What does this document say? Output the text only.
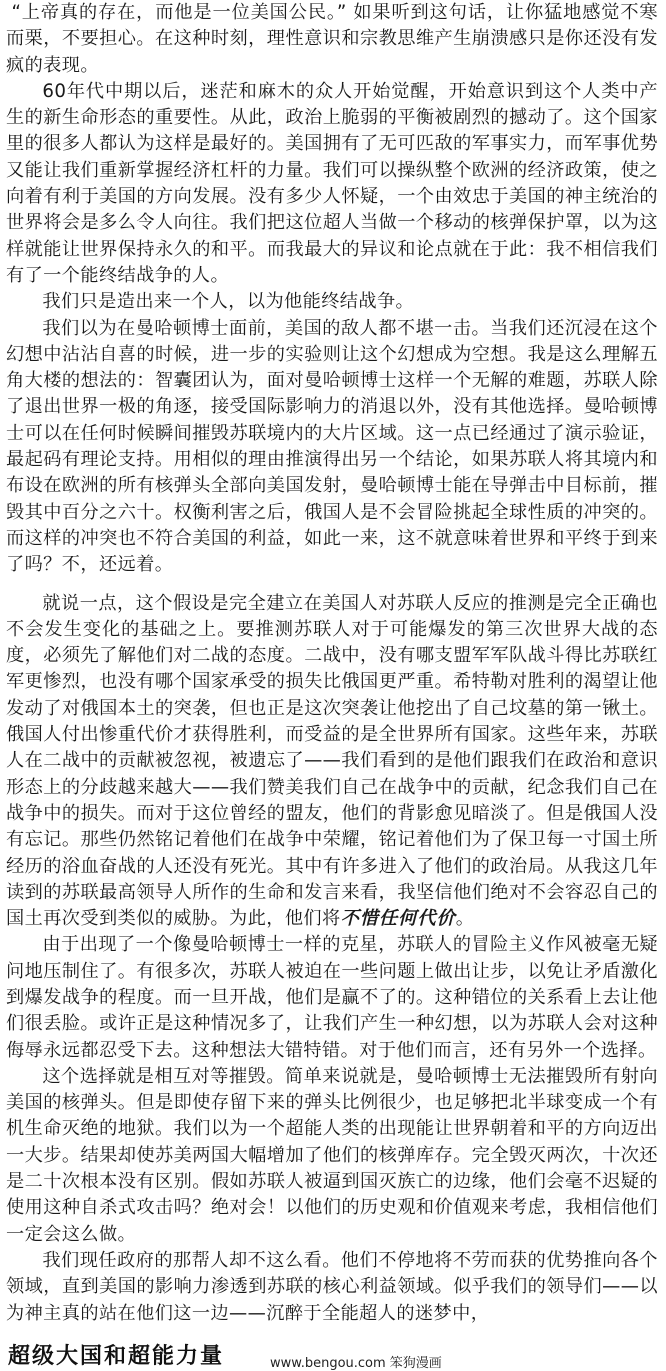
“上帝真的存在，而他是一位美国公民。” 如果听到这句话，让你猛地感觉不寒而栗，不要担心。在这种时刻，理性意识和宗教思维产生崩溃感只是你还没有发疯的表现。

60年代中期以后，迷茫和麻木的众人开始觉醒，开始意识到这个人类中产生的新生命形态的重要性。从此，政治上脆弱的平衡被剧烈的撼动了。这个国家里的很多人都认为这样是最好的。美国拥有了无可匹敌的军事实力，而军事优势又能让我们重新掌握经济杠杆的力量。我们可以操纵整个欧洲的经济政策，使之向着有利于美国的方向发展。没有多少人怀疑，一个由效忠于美国的神主统治的世界将会是多么令人向往。我们把这位超人当做一个移动的核弹保护罩，以为这样就能让世界保持永久的和平。而我最大的异议和论点就在于此：我不相信我们有了一个能终结战争的人。

我们只是造出来一个人，以为他能终结战争。

我们以为在曼哈顿博士面前，美国的敌人都不堪一击。当我们还沉浸在这个幻想中沾沾自喜的时候，进一步的实验则让这个幻想成为空想。我是这么理解五角大楼的想法的：智囊团认为，面对曼哈顿博士这样一个无解的难题，苏联人除了退出世界一极的角逐，接受国际影响力的消退以外，没有其他选择。曼哈顿博士可以在任何时候瞬间摧毁苏联境内的大片区域。这一点已经通过了演示验证，最起码有理论支持。用相似的理由推演得出另一个结论，如果苏联人将其境内和布设在欧洲的所有核弹头全部向美国发射，曼哈顿博士能在导弹击中目标前，摧毁其中百分之六十。权衡利害之后，俄国人是不会冒险挑起全球性质的冲突的。而这样的冲突也不符合美国的利益，如此一来，这不就意味着世界和平终于到来了吗？不，还远着。

就说一点，这个假设是完全建立在美国人对苏联人反应的推测是完全正确也不会发生变化的基础之上。要推测苏联人对于可能爆发的第三次世界大战的态度，必须先了解他们对二战的态度。二战中，没有哪支盟军军队战斗得比苏联红军更惨烈，也没有哪个国家承受的损失比俄国更严重。希特勒对胜利的渴望让他发动了对俄国本土的突袭，但也正是这次突袭让他挖出了自己坟墓的第一锹土。俄国人付出惨重代价才获得胜利，而受益的是全世界所有国家。这些年来，苏联人在二战中的贡献被忽视，被遗忘了——我们看到的是他们跟我们在政治和意识形态上的分歧越来越大——我们赞美我们自己在战争中的贡献，纪念我们自己在战争中的损失。而对于这位曾经的盟友，他们的背影愈见暗淡了。但是俄国人没有忘记。那些仍然铭记着他们在战争中荣耀，铭记着他们为了保卫每一寸国土所经历的浴血奋战的人还没有死光。其中有许多进入了他们的政治局。从我这几年读到的苏联最高领导人所作的生命和发言来看，我坚信他们绝对不会容忍自己的国土再次受到类似的威胁。为此，他们将不惜任何代价。

由于出现了一个像曼哈顿博士一样的克星，苏联人的冒险主义作风被毫无疑问地压制住了。有很多次，苏联人被迫在一些问题上做出让步，以免让矛盾激化到爆发战争的程度。而一旦开战，他们是赢不了的。这种错位的关系看上去让他们很丢脸。或许正是这种情况多了，让我们产生一种幻想，以为苏联人会对这种侮辱永远都忍受下去。这种想法大错特错。对于他们而言，还有另外一个选择。

这个选择就是相互对等摧毁。简单来说就是，曼哈顿博士无法摧毁所有射向美国的核弹头。但是即使存留下来的弹头比例很少，也足够把北半球变成一个有机生命灭绝的地狱。我们以为一个超能人类的出现能让世界朝着和平的方向迈出一大步。结果却使苏美两国大幅增加了他们的核弹库存。完全毁灭两次，十次还是二十次根本没有区别。假如苏联人被逼到国灭族亡的边缘，他们会毫不迟疑的使用这种自杀式攻击吗？绝对会！以他们的历史观和价值观来考虑，我相信他们一定会这么做。

我们现任政府的那帮人却不这么看。他们不停地将不劳而获的优势推向各个领域，直到美国的影响力渗透到苏联的核心利益领域。似乎我们的领导们——以为神主真的站在他们这一边——沉醉于全能超人的迷梦中，

超级大国和超能力量	www.bengou.com 笨狗漫画
